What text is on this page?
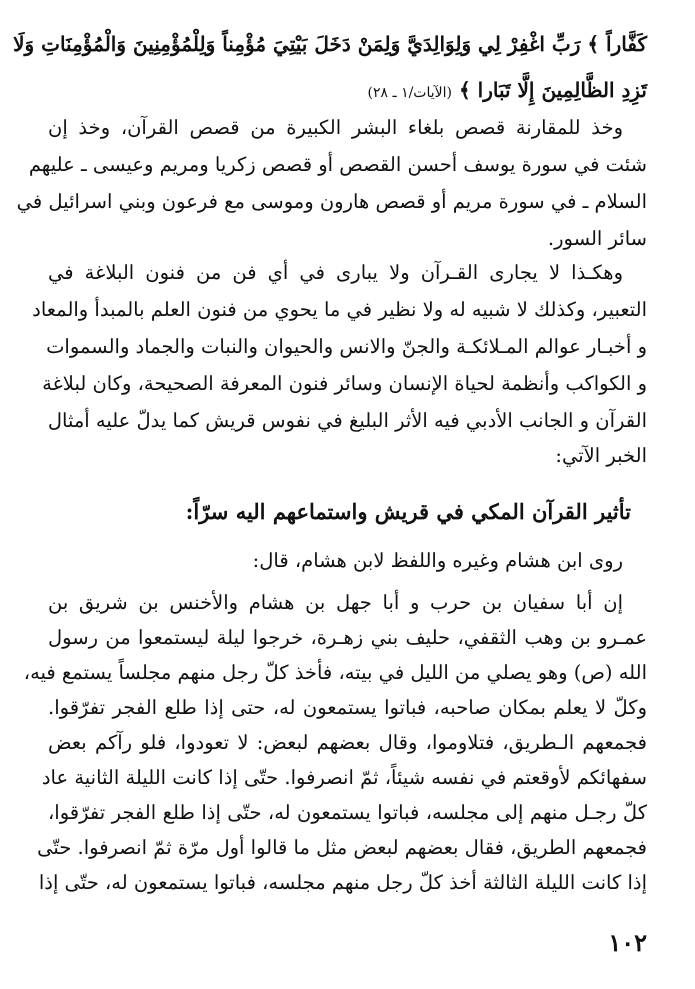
كَفَّاراً ﴾ رَبِّ اغْفِرْ لِي وَلِوَالِدَيَّ وَلِمَنْ دَخَلَ بَيْتِيَ مُؤْمِناً وَلِلْمُؤْمِنِينَ وَالْمُؤْمِنَاتِ وَلَا
تَزِدِ الظَّالِمِينَ إِلَّا تَبَارا ﴾ (الآيات/١ ـ ٢٨)
وخذ للمقارنة قصص بلغاء البشر الكبيرة من قصص القرآن، وخذ إن
شئت في سورة يوسف أحسن القصص أو قصص زكريا ومريم وعيسى ـ عليهم
السلام ـ في سورة مريم أو قصص هارون وموسى مع فرعون وبني اسرائيل في
سائر السور.
وهكـذا لا يجارى القـرآن ولا يبارى في أي فن من فنون البلاغة في
التعبير، وكذلك لا شبيه له ولا نظير في ما يحوي من فنون العلم بالمبدأ والمعاد
و أخبـار عوالم المـلائكـة والجنّ والانس والحيوان والنبات والجماد والسموات
و الكواكب وأنظمة لحياة الإنسان وسائر فنون المعرفة الصحيحة، وكان لبلاغة
القرآن و الجانب الأدبي فيه الأثر البليغ في نفوس قريش كما يدلّ عليه أمثال
الخبر الآتي:
تأثير القرآن المكي في قريش واستماعهم اليه سرّاً:
روى ابن هشام وغيره واللفظ لابن هشام، قال:
إن أبا سفيان بن حرب و أبا جهل بن هشام والأخنس بن شريق بن
عمـرو بن وهب الثقفي، حليف بني زهـرة، خرجوا ليلة ليستمعوا من رسول
الله (ص) وهو يصلي من الليل في بيته، فأخذ كلّ رجل منهم مجلساً يستمع فيه،
وكلّ لا يعلم بمكان صاحبه، فباتوا يستمعون له، حتى إذا طلع الفجر تفرّقوا.
فجمعهم الـطريق، فتلاوموا، وقال بعضهم لبعض: لا تعودوا، فلو رآكم بعض
سفهائكم لأوقعتم في نفسه شيئاً، ثمّ انصرفوا. حتّى إذا كانت الليلة الثانية عاد
كلّ رجـل منهم إلى مجلسه، فباتوا يستمعون له، حتّى إذا طلع الفجر تفرّقوا،
فجمعهم الطريق، فقال بعضهم لبعض مثل ما قالوا أول مرّة ثمّ انصرفوا. حتّى
إذا كانت الليلة الثالثة أخذ كلّ رجل منهم مجلسه، فباتوا يستمعون له، حتّى إذا
١٠٢
